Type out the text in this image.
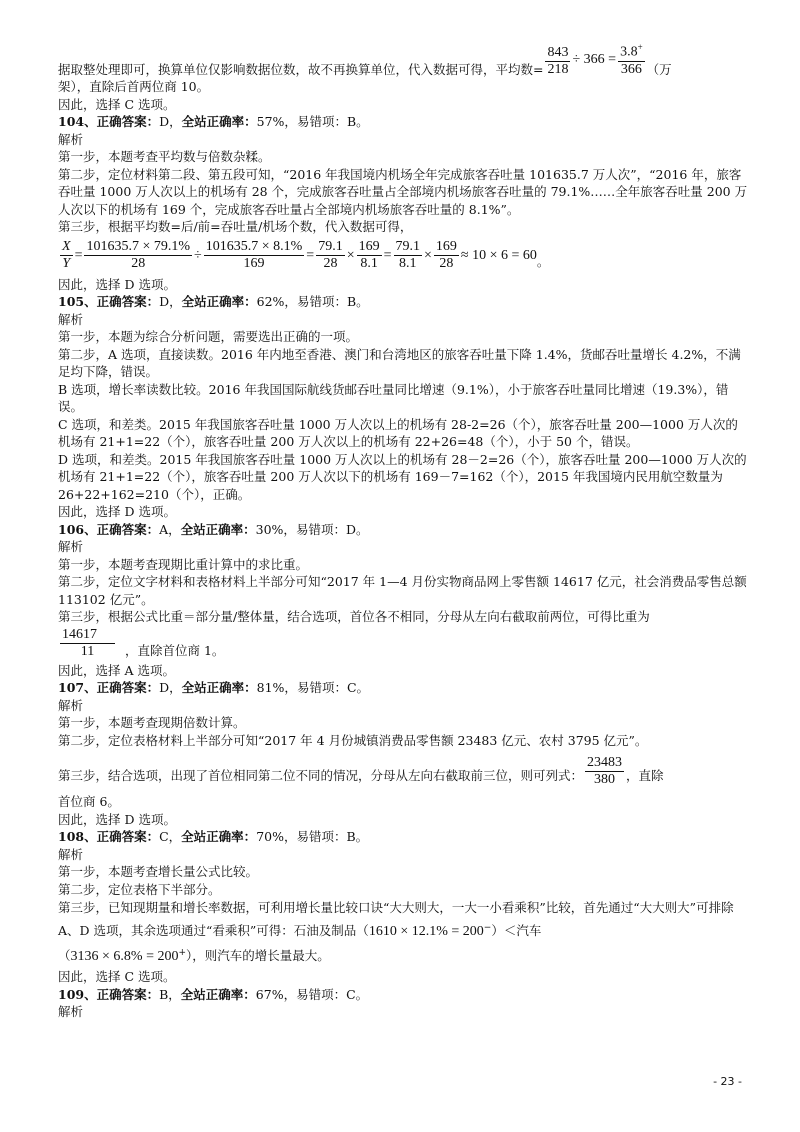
据取整处理即可，换算单位仅影响数据位数，故不再换算单位，代入数据可得，平均数= $\frac{843}{218} \div 366 = \frac{3.8^+}{366}$ （万
架），直除后首两位商 10。
因此，选择 C 选项。
104、正确答案：D，全站正确率：57%，易错项：B。
解析
第一步，本题考查平均数与倍数杂糅。
第二步，定位材料第二段、第五段可知，“2016 年我国境内机场全年完成旅客吞吐量 101635.7 万人次”，“2016 年，旅客吞吐量 1000 万人次以上的机场有 28 个，完成旅客吞吐量占全部境内机场旅客吞吐量的 79.1%……全年旅客吞吐量 200 万人次以下的机场有 169 个，完成旅客吞吐量占全部境内机场旅客吞吐量的 8.1%”。
第三步，根据平均数=后/前=吞吐量/机场个数，代入数据可得，
$\frac{X}{Y} = \frac{101635.7 \times 79.1\%}{28} \div \frac{101635.7 \times 8.1\%}{169} = \frac{79.1}{28} \times \frac{169}{8.1} = \frac{79.1}{8.1} \times \frac{169}{28} \approx 10 \times 6 = 60$ 。
因此，选择 D 选项。
105、正确答案：D，全站正确率：62%，易错项：B。
解析
第一步，本题为综合分析问题，需要选出正确的一项。
第二步，A 选项，直接读数。2016 年内地至香港、澳门和台湾地区的旅客吞吐量下降 1.4%，货邮吞吐量增长 4.2%，不满足均下降，错误。
B 选项，增长率读数比较。2016 年我国国际航线货邮吞吐量同比增速（9.1%），小于旅客吞吐量同比增速（19.3%），错误。
C 选项，和差类。2015 年我国旅客吞吐量 1000 万人次以上的机场有 28-2=26（个），旅客吞吐量 200—1000 万人次的机场有 21+1=22（个），旅客吞吐量 200 万人次以上的机场有 22+26=48（个），小于 50 个，错误。
D 选项，和差类。2015 年我国旅客吞吐量 1000 万人次以上的机场有 28－2=26（个），旅客吞吐量 200—1000 万人次的机场有 21+1=22（个），旅客吞吐量 200 万人次以下的机场有 169－7=162（个），2015 年我国境内民用航空数量为 26+22+162=210（个），正确。
因此，选择 D 选项。
106、正确答案：A，全站正确率：30%，易错项：D。
解析
第一步，本题考查现期比重计算中的求比重。
第二步，定位文字材料和表格材料上半部分可知“2017 年 1—4 月份实物商品网上零售额 14617 亿元，社会消费品零售总额 113102 亿元”。
第三步，根据公式比重＝部分量/整体量，结合选项，首位各不相同，分母从左向右截取前两位，可得比重为
$\frac{14617}{11}$ ，直除首位商 1。
因此，选择 A 选项。
107、正确答案：D，全站正确率：81%，易错项：C。
解析
第一步，本题考查现期倍数计算。
第二步，定位表格材料上半部分可知“2017 年 4 月份城镇消费品零售额 23483 亿元、农村 3795 亿元”。
第三步，结合选项，出现了首位相同第二位不同的情况，分母从左向右截取前三位，则可列式： $\frac{23483}{380}$ ，直除
首位商 6。
因此，选择 D 选项。
108、正确答案：C，全站正确率：70%，易错项：B。
解析
第一步，本题考查增长量公式比较。
第二步，定位表格下半部分。
第三步，已知现期量和增长率数据，可利用增长量比较口诀“大大则大，一大一小看乘积”比较，首先通过“大大则大”可排除 A、D 选项，其余选项通过“看乘积”可得：石油及制品（1610 × 12.1% = 200−）＜汽车
（3136 × 6.8% = 200+），则汽车的增长量最大。
因此，选择 C 选项。
109、正确答案：B，全站正确率：67%，易错项：C。
解析
- 23 -
